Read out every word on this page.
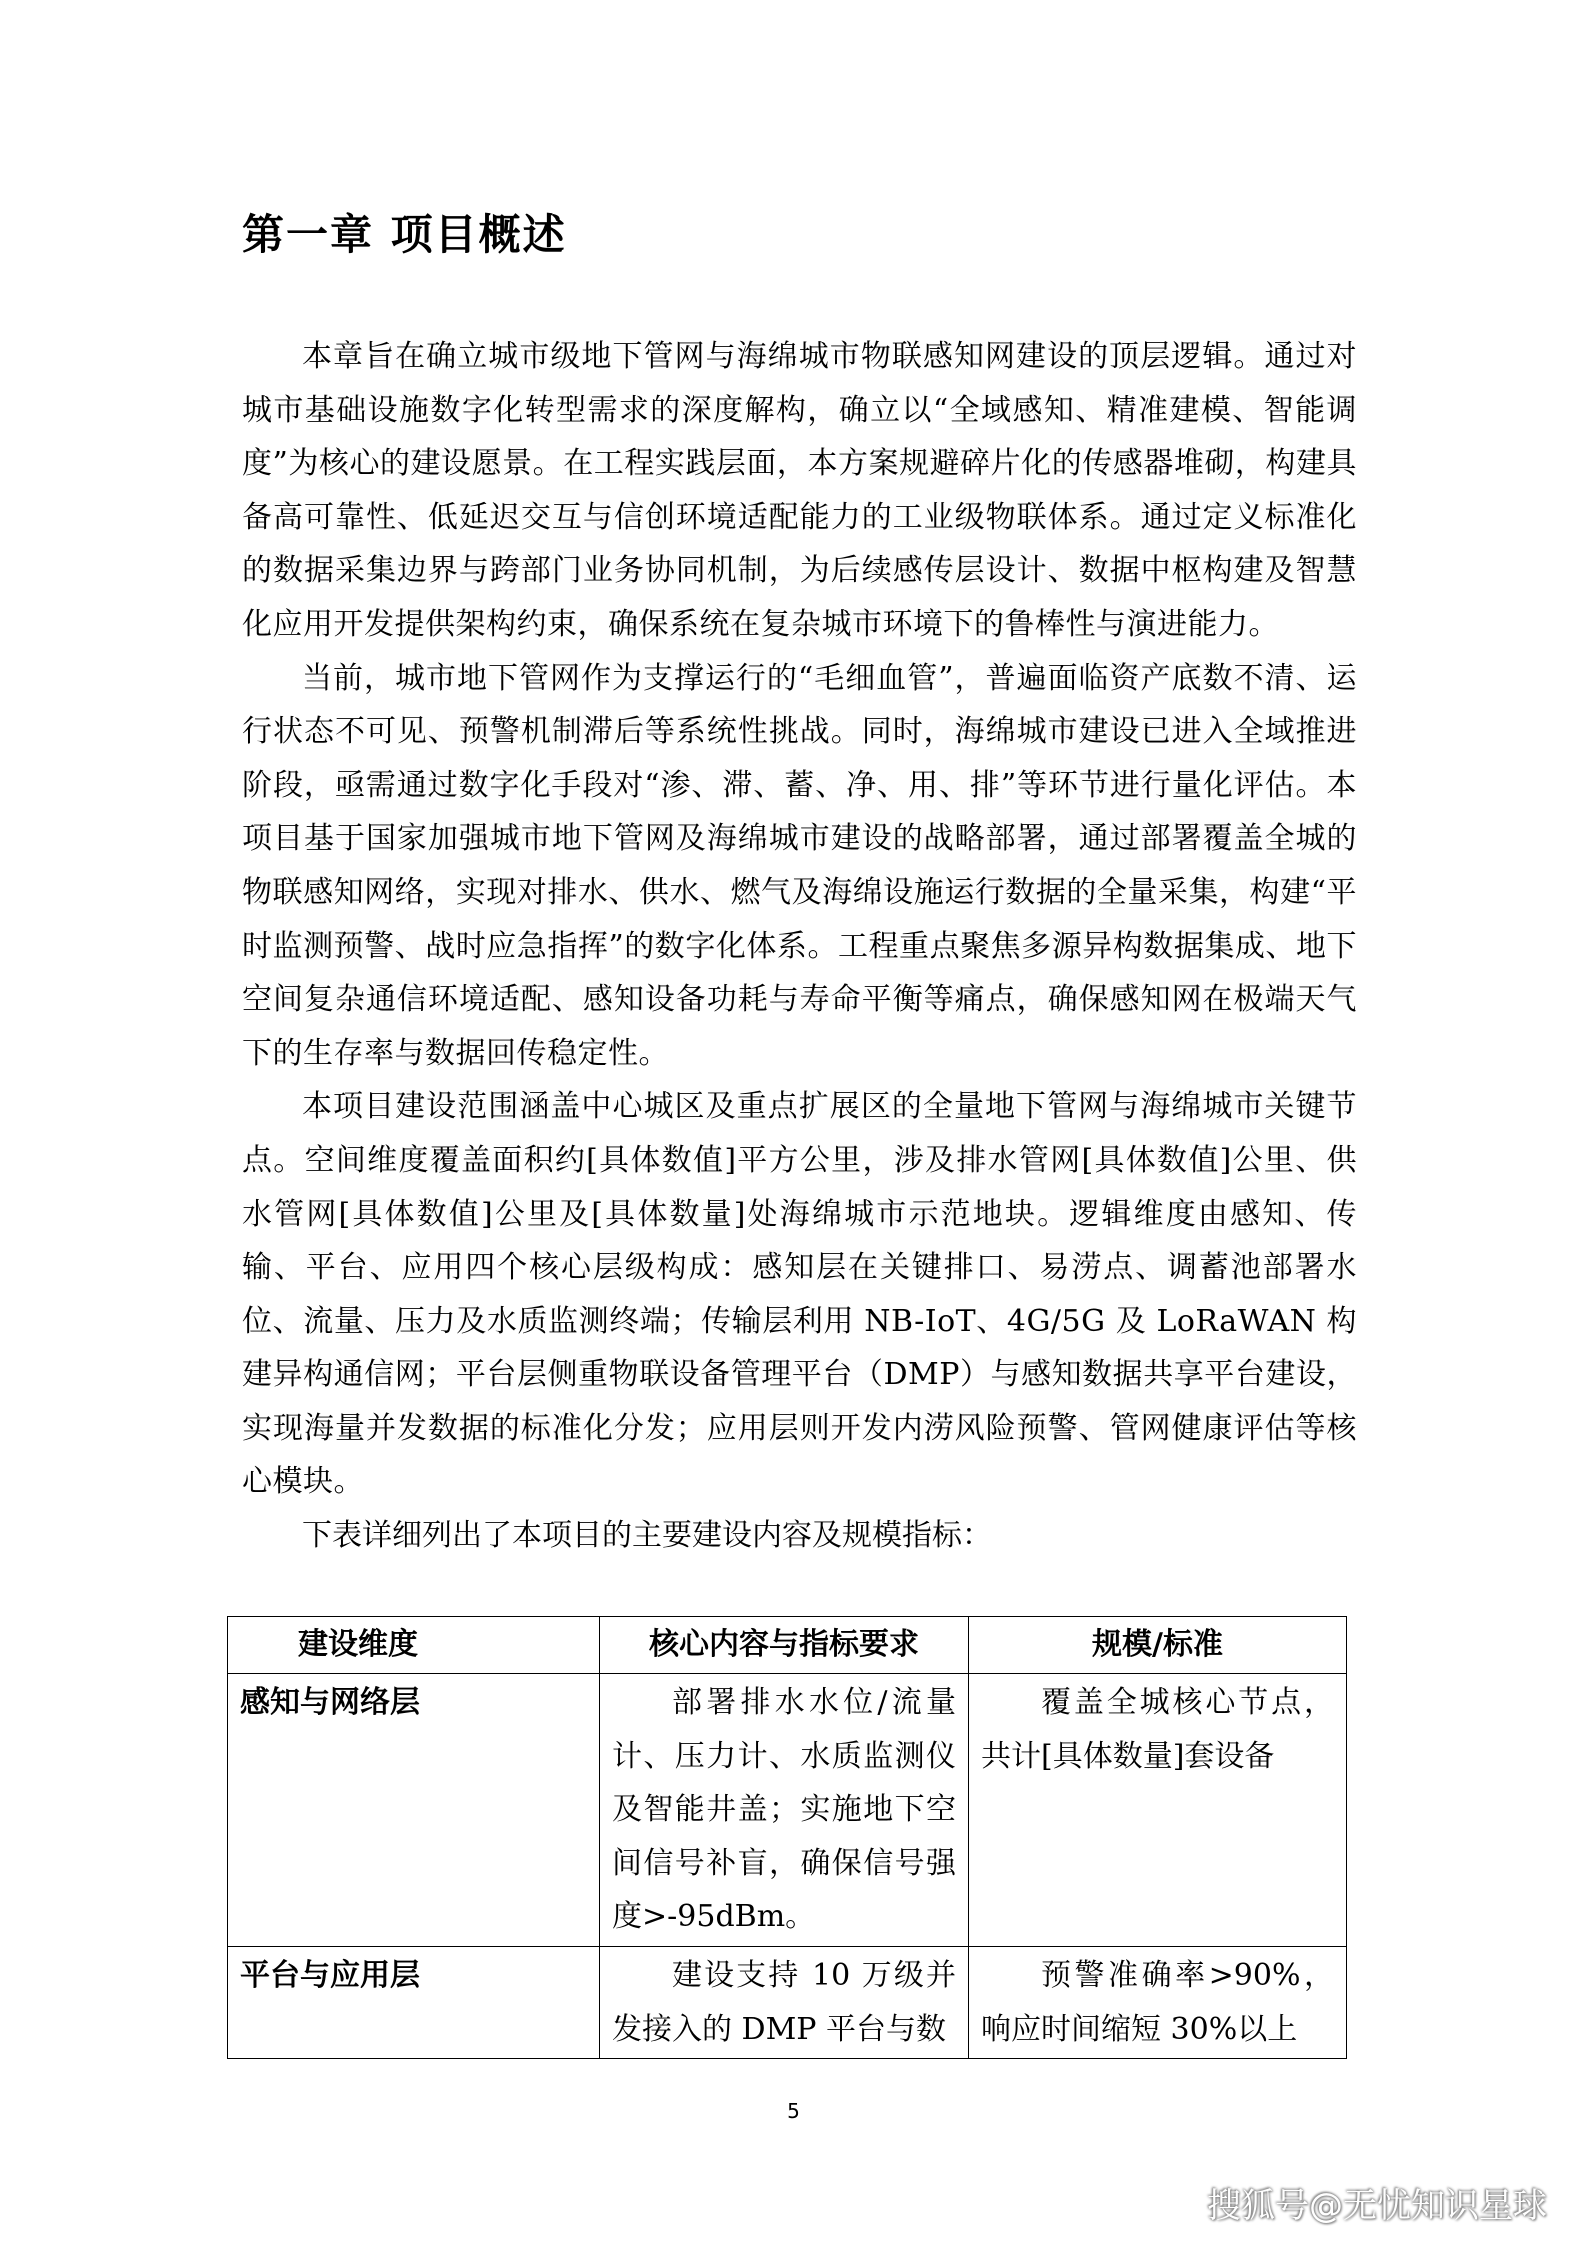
第一章 项目概述

本章旨在确立城市级地下管网与海绵城市物联感知网建设的顶层逻辑。通过对城市基础设施数字化转型需求的深度解构，确立以“全域感知、精准建模、智能调度”为核心的建设愿景。在工程实践层面，本方案规避碎片化的传感器堆砌，构建具备高可靠性、低延迟交互与信创环境适配能力的工业级物联体系。通过定义标准化的数据采集边界与跨部门业务协同机制，为后续感传层设计、数据中枢构建及智慧化应用开发提供架构约束，确保系统在复杂城市环境下的鲁棒性与演进能力。

当前，城市地下管网作为支撑运行的“毛细血管”，普遍面临资产底数不清、运行状态不可见、预警机制滞后等系统性挑战。同时，海绵城市建设已进入全域推进阶段，亟需通过数字化手段对“渗、滞、蓄、净、用、排”等环节进行量化评估。本项目基于国家加强城市地下管网及海绵城市建设的战略部署，通过部署覆盖全城的物联感知网络，实现对排水、供水、燃气及海绵设施运行数据的全量采集，构建“平时监测预警、战时应急指挥”的数字化体系。工程重点聚焦多源异构数据集成、地下空间复杂通信环境适配、感知设备功耗与寿命平衡等痛点，确保感知网在极端天气下的生存率与数据回传稳定性。

本项目建设范围涵盖中心城区及重点扩展区的全量地下管网与海绵城市关键节点。空间维度覆盖面积约[具体数值]平方公里，涉及排水管网[具体数值]公里、供水管网[具体数值]公里及[具体数量]处海绵城市示范地块。逻辑维度由感知、传输、平台、应用四个核心层级构成：感知层在关键排口、易涝点、调蓄池部署水位、流量、压力及水质监测终端；传输层利用 NB-IoT、4G/5G 及 LoRaWAN 构建异构通信网；平台层侧重物联设备管理平台（DMP）与感知数据共享平台建设，实现海量并发数据的标准化分发；应用层则开发内涝风险预警、管网健康评估等核心模块。

下表详细列出了本项目的主要建设内容及规模指标：

建设维度	核心内容与指标要求	规模/标准
感知与网络层	部署排水水位/流量计、压力计、水质监测仪及智能井盖；实施地下空间信号补盲，确保信号强度>-95dBm。	覆盖全城核心节点，共计[具体数量]套设备
平台与应用层	建设支持 10 万级并发接入的 DMP 平台与数	预警准确率>90%，响应时间缩短 30%以上
5
搜狐号@无忧知识星球
